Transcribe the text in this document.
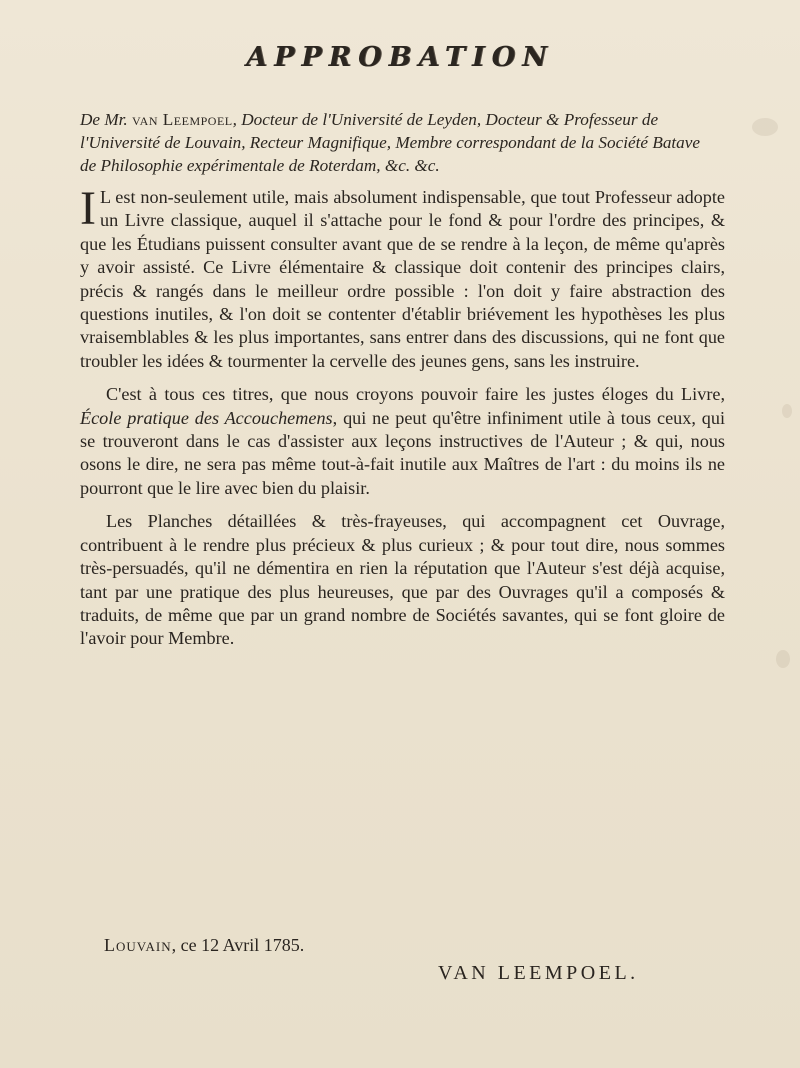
APPROBATION
De Mr. van Leempoel, Docteur de l'Université de Leyden, Docteur & Professeur de l'Université de Louvain, Recteur Magnifique, Membre correspondant de la Société Batave de Philosophie expérimentale de Roterdam, &c. &c.

I L est non-seulement utile, mais absolument indispensable, que tout Professeur adopte un Livre classique, auquel il s'attache pour le fond & pour l'ordre des principes, & que les Étudians puissent consulter avant que de se rendre à la leçon, de même qu'après y avoir assisté. Ce Livre élémentaire & classique doit contenir des principes clairs, précis & rangés dans le meilleur ordre possible : l'on doit y faire abstraction des questions inutiles, & l'on doit se contenter d'établir briévement les hypothèses les plus vraisemblables & les plus importantes, sans entrer dans des discussions, qui ne font que troubler les idées & tourmenter la cervelle des jeunes gens, sans les instruire.

C'est à tous ces titres, que nous croyons pouvoir faire les justes éloges du Livre, École pratique des Accouchemens, qui ne peut qu'être infiniment utile à tous ceux, qui se trouveront dans le cas d'assister aux leçons instructives de l'Auteur ; & qui, nous osons le dire, ne sera pas même tout-à-fait inutile aux Maîtres de l'art : du moins ils ne pourront que le lire avec bien du plaisir.

Les Planches détaillées & très-frayeuses, qui accompagnent cet Ouvrage, contribuent à le rendre plus précieux & plus curieux ; & pour tout dire, nous sommes très-persuadés, qu'il ne démentira en rien la réputation que l'Auteur s'est déjà acquise, tant par une pratique des plus heureuses, que par des Ouvrages qu'il a composés & traduits, de même que par un grand nombre de Sociétés savantes, qui se font gloire de l'avoir pour Membre.

Louvain, ce 12 Avril 1785.
VAN LEEMPOEL.
